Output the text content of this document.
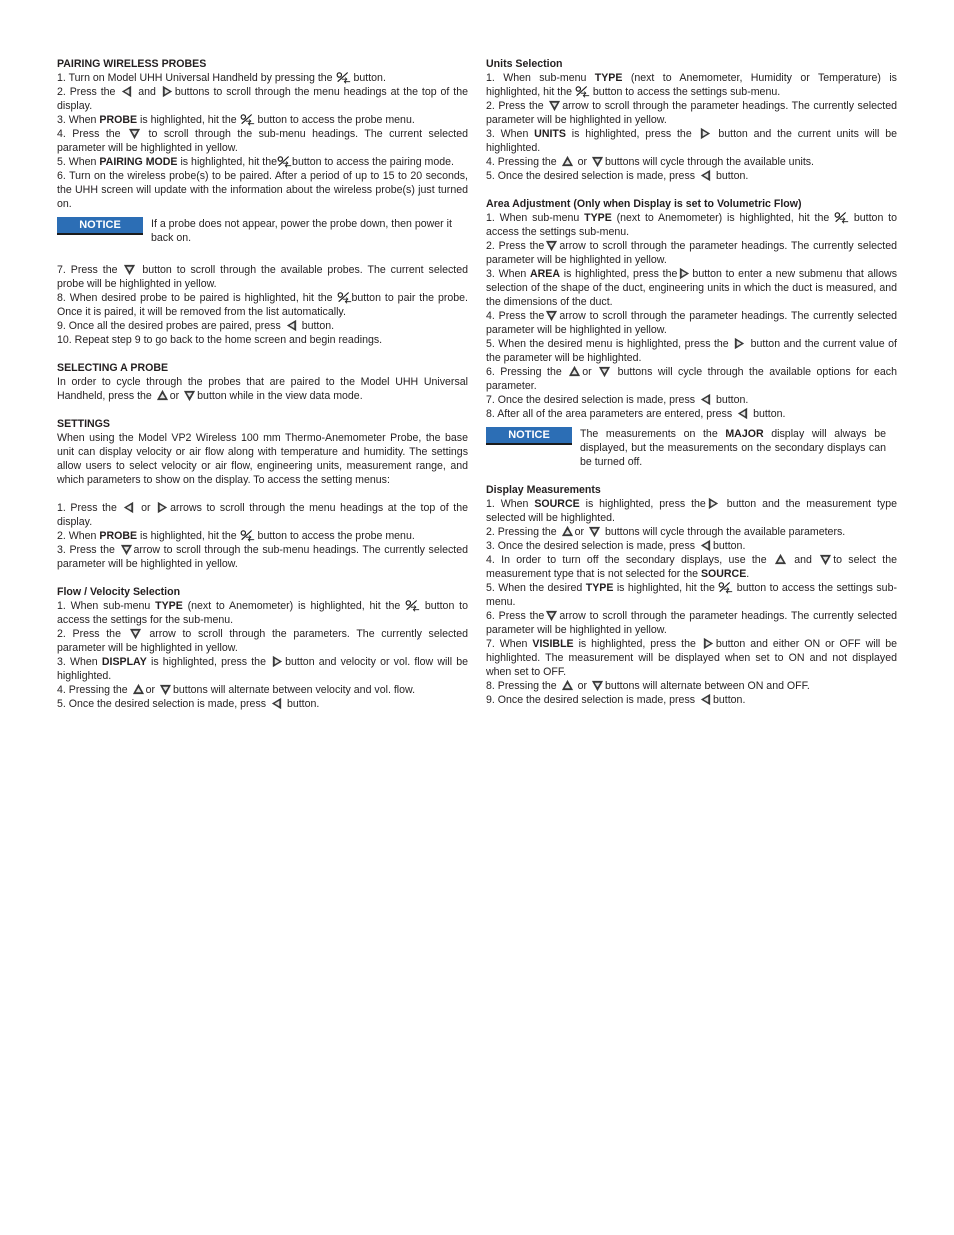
PAIRING WIRELESS PROBES

1. Turn on Model UHH Universal Handheld by pressing the button.

2. Press the and buttons to scroll through the menu headings at the top of the display.

3. When PROBE is highlighted, hit the button to access the probe menu.

4. Press the	to scroll through the sub-menu headings. The current selected parameter will be highlighted in yellow.

5. When PAIRING MODE is highlighted, hit the button to access the pairing mode.

6. Turn on the wireless probe(s) to be paired. After a period of up to 15 to 20 seconds, the UHH screen will update with the information about the wireless probe(s) just turned on.

NOTICE	If a probe does not appear, power the probe down, then power it back on.

7. Press the button to scroll through the available probes. The current selected probe will be highlighted in yellow.

8. When desired probe to be paired is highlighted, hit the button to pair the probe. Once it is paired, it will be removed from the list automatically.

9. Once all the desired probes are paired, press button.

10. Repeat step 9 to go back to the home screen and begin readings.

SELECTING A PROBE

In order to cycle through the probes that are paired to the Model UHH Universal Handheld, press the or button while in the view data mode.

SETTINGS

When using the Model VP2 Wireless 100 mm Thermo-Anemometer Probe, the base unit can display velocity or air flow along with temperature and humidity. The settings allow users to select velocity or air flow, engineering units, measurement range, and which parameters to show on the display. To access the setting menus:

1. Press the or arrows to scroll through the menu headings at the top of the display.

2. When PROBE is highlighted, hit the button to access the probe menu.

3. Press the arrow to scroll through the sub-menu headings. The currently selected parameter will be highlighted in yellow.

Flow / Velocity Selection

1. When sub-menu TYPE (next to Anemometer) is highlighted, hit the button to access the settings for the sub-menu.

2. Press the	arrow to scroll through the parameters. The currently selected parameter will be highlighted in yellow.

3. When DISPLAY is highlighted, press the button and velocity or vol. flow will be highlighted.

4. Pressing the or buttons will alternate between velocity and vol. flow.

5. Once the desired selection is made, press button.

Units Selection

1. When sub-menu TYPE (next to Anemometer, Humidity or Temperature) is highlighted, hit the button to access the settings sub-menu.

2. Press the arrow to scroll through the parameter headings. The currently selected parameter will be highlighted in yellow.

3. When UNITS is highlighted, press the	button and the current units will be highlighted.

4. Pressing the or buttons will cycle through the available units.

5. Once the desired selection is made, press button.

Area Adjustment (Only when Display is set to Volumetric Flow)

1. When sub-menu TYPE (next to Anemometer) is highlighted, hit the button to access the settings sub-menu.

2. Press the arrow to scroll through the parameter headings. The currently selected parameter will be highlighted in yellow.

3. When AREA is highlighted, press the button to enter a new submenu that allows selection of the shape of the duct, engineering units in which the duct is measured, and the dimensions of the duct.

4. Press the arrow to scroll through the parameter headings. The currently selected parameter will be highlighted in yellow.

5. When the desired menu is highlighted, press the button and the current value of the parameter will be highlighted.

6. Pressing the or buttons will cycle through the available options for each parameter.

7. Once the desired selection is made, press button.

8. After all of the area parameters are entered, press button.

NOTICE	The measurements on the MAJOR display will always be displayed, but the measurements on the secondary displays can be turned off.

Display Measurements

1. When SOURCE is highlighted, press the button and the measurement type selected will be highlighted.

2. Pressing the or buttons will cycle through the available parameters.

3. Once the desired selection is made, press button.

4. In order to turn off the secondary displays, use the	and to select the measurement type that is not selected for the SOURCE.

5. When the desired TYPE is highlighted, hit the button to access the settings sub-menu.

6. Press the arrow to scroll through the parameter headings. The currently selected parameter will be highlighted in yellow.

7. When VISIBLE is highlighted, press the button and either ON or OFF will be highlighted. The measurement will be displayed when set to ON and not displayed when set to OFF.

8. Pressing the or buttons will alternate between ON and OFF.

9. Once the desired selection is made, press button.
